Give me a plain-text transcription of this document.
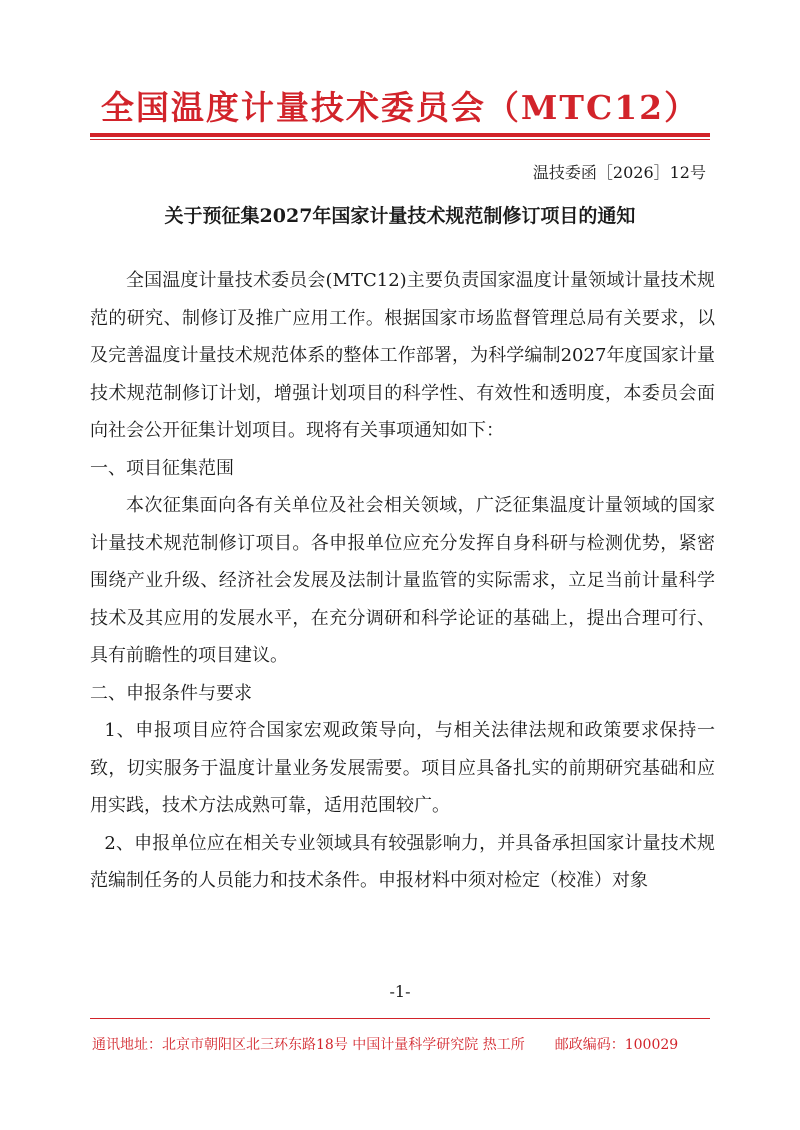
全国温度计量技术委员会（MTC12）
温技委函［2026］12号
关于预征集2027年国家计量技术规范制修订项目的通知

全国温度计量技术委员会(MTC12)主要负责国家温度计量领域计量技术规范的研究、制修订及推广应用工作。根据国家市场监督管理总局有关要求，以及完善温度计量技术规范体系的整体工作部署，为科学编制2027年度国家计量技术规范制修订计划，增强计划项目的科学性、有效性和透明度，本委员会面向社会公开征集计划项目。现将有关事项通知如下：

一、项目征集范围

本次征集面向各有关单位及社会相关领域，广泛征集温度计量领域的国家计量技术规范制修订项目。各申报单位应充分发挥自身科研与检测优势，紧密围绕产业升级、经济社会发展及法制计量监管的实际需求，立足当前计量科学技术及其应用的发展水平，在充分调研和科学论证的基础上，提出合理可行、具有前瞻性的项目建议。

二、申报条件与要求

1、申报项目应符合国家宏观政策导向，与相关法律法规和政策要求保持一致，切实服务于温度计量业务发展需要。项目应具备扎实的前期研究基础和应用实践，技术方法成熟可靠，适用范围较广。

2、申报单位应在相关专业领域具有较强影响力，并具备承担国家计量技术规范编制任务的人员能力和技术条件。申报材料中须对检定（校准）对象

-1-
通讯地址：北京市朝阳区北三环东路18号 中国计量科学研究院 热工所 邮政编码：100029
